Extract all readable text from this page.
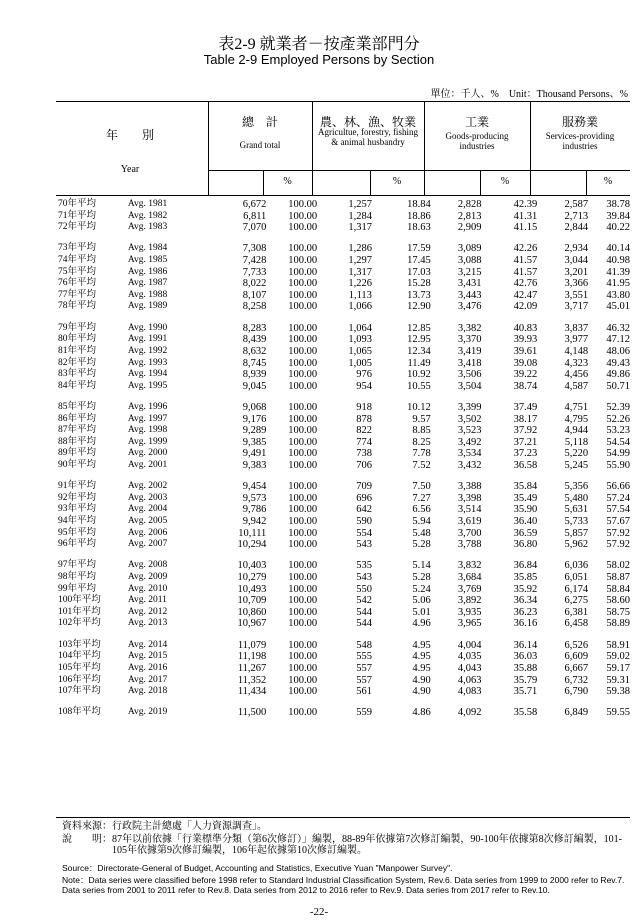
表2-9 就業者－按產業部門分
Table 2-9 Employed Persons by Section
單位：千人、%　Unit：Thousand Persons、%
年　　別
Year
總　計
Grand total
農、林、漁、牧業
Agricultue, forestry, fishing & animal husbandry
工業
Goods-producing industries
服務業
Services-providing industries
%	%	%	%
70年平均	Avg. 1981	6,672	100.00	1,257	18.84	2,828	42.39	2,587	38.78
71年平均	Avg. 1982	6,811	100.00	1,284	18.86	2,813	41.31	2,713	39.84
72年平均	Avg. 1983	7,070	100.00	1,317	18.63	2,909	41.15	2,844	40.22

73年平均	Avg. 1984	7,308	100.00	1,286	17.59	3,089	42.26	2,934	40.14
74年平均	Avg. 1985	7,428	100.00	1,297	17.45	3,088	41.57	3,044	40.98
75年平均	Avg. 1986	7,733	100.00	1,317	17.03	3,215	41.57	3,201	41.39
76年平均	Avg. 1987	8,022	100.00	1,226	15.28	3,431	42.76	3,366	41.95
77年平均	Avg. 1988	8,107	100.00	1,113	13.73	3,443	42.47	3,551	43.80
78年平均	Avg. 1989	8,258	100.00	1,066	12.90	3,476	42.09	3,717	45.01

79年平均	Avg. 1990	8,283	100.00	1,064	12.85	3,382	40.83	3,837	46.32
80年平均	Avg. 1991	8,439	100.00	1,093	12.95	3,370	39.93	3,977	47.12
81年平均	Avg. 1992	8,632	100.00	1,065	12.34	3,419	39.61	4,148	48.06
82年平均	Avg. 1993	8,745	100.00	1,005	11.49	3,418	39.08	4,323	49.43
83年平均	Avg. 1994	8,939	100.00	976	10.92	3,506	39.22	4,456	49.86
84年平均	Avg. 1995	9,045	100.00	954	10.55	3,504	38.74	4,587	50.71

85年平均	Avg. 1996	9,068	100.00	918	10.12	3,399	37.49	4,751	52.39
86年平均	Avg. 1997	9,176	100.00	878	9.57	3,502	38.17	4,795	52.26
87年平均	Avg. 1998	9,289	100.00	822	8.85	3,523	37.92	4,944	53.23
88年平均	Avg. 1999	9,385	100.00	774	8.25	3,492	37.21	5,118	54.54
89年平均	Avg. 2000	9,491	100.00	738	7.78	3,534	37.23	5,220	54.99
90年平均	Avg. 2001	9,383	100.00	706	7.52	3,432	36.58	5,245	55.90

91年平均	Avg. 2002	9,454	100.00	709	7.50	3,388	35.84	5,356	56.66
92年平均	Avg. 2003	9,573	100.00	696	7.27	3,398	35.49	5,480	57.24
93年平均	Avg. 2004	9,786	100.00	642	6.56	3,514	35.90	5,631	57.54
94年平均	Avg. 2005	9,942	100.00	590	5.94	3,619	36.40	5,733	57.67
95年平均	Avg. 2006	10,111	100.00	554	5.48	3,700	36.59	5,857	57.92
96年平均	Avg. 2007	10,294	100.00	543	5.28	3,788	36.80	5,962	57.92

97年平均	Avg. 2008	10,403	100.00	535	5.14	3,832	36.84	6,036	58.02
98年平均	Avg. 2009	10,279	100.00	543	5.28	3,684	35.85	6,051	58.87
99年平均	Avg. 2010	10,493	100.00	550	5.24	3,769	35.92	6,174	58.84
100年平均	Avg. 2011	10,709	100.00	542	5.06	3,892	36.34	6,275	58.60
101年平均	Avg. 2012	10,860	100.00	544	5.01	3,935	36.23	6,381	58.75
102年平均	Avg. 2013	10,967	100.00	544	4.96	3,965	36.16	6,458	58.89

103年平均	Avg. 2014	11,079	100.00	548	4.95	4,004	36.14	6,526	58.91
104年平均	Avg. 2015	11,198	100.00	555	4.95	4,035	36.03	6,609	59.02
105年平均	Avg. 2016	11,267	100.00	557	4.95	4,043	35.88	6,667	59.17
106年平均	Avg. 2017	11,352	100.00	557	4.90	4,063	35.79	6,732	59.31
107年平均	Avg. 2018	11,434	100.00	561	4.90	4,083	35.71	6,790	59.38

108年平均	Avg. 2019	11,500	100.00	559	4.86	4,092	35.58	6,849	59.55
資料來源：行政院主計總處「人力資源調查」。
說　　明： 87年以前依據「行業標準分類（第6次修訂）」編製，88-89年依據第7次修訂編製，90-100年依據第8次修訂編製，101-105年依據第9次修訂編製，106年起依據第10次修訂編製。
Source：Directorate-General of Budget, Accounting and Statistics, Executive Yuan "Manpower Survey".
Note：Data series were classified before 1998 refer to Standard Industrial Classification System, Rev.6. Data series from 1999 to 2000 refer to Rev.7. Data series from 2001 to 2011 refer to Rev.8. Data series from 2012 to 2016 refer to Rev.9. Data series from 2017 refer to Rev.10.
-22-
